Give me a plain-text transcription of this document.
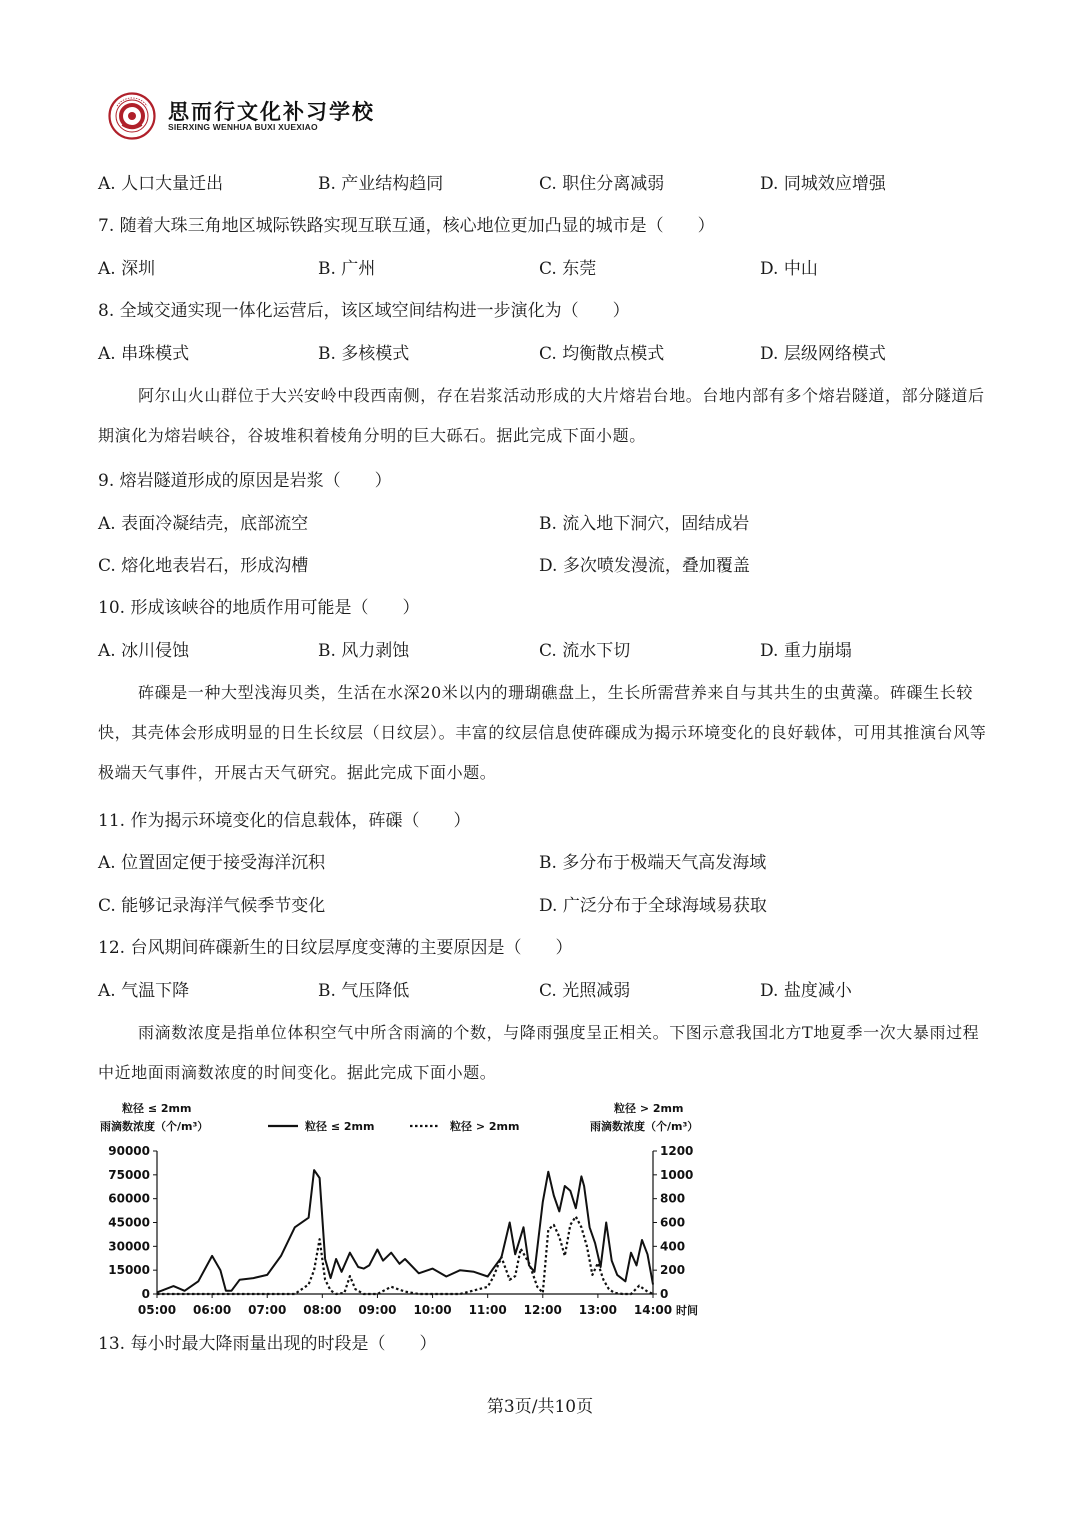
思而行文化补习学校
SIERXING WENHUA BUXI XUEXIAO
A. 人口大量迁出	B. 产业结构趋同	C. 职住分离减弱	D. 同城效应增强
7. 随着大珠三角地区城际铁路实现互联互通，核心地位更加凸显的城市是（　　）
A. 深圳	B. 广州	C. 东莞	D. 中山
8. 全域交通实现一体化运营后，该区域空间结构进一步演化为（　　）
A. 串珠模式	B. 多核模式	C. 均衡散点模式	D. 层级网络模式
阿尔山火山群位于大兴安岭中段西南侧，存在岩浆活动形成的大片熔岩台地。台地内部有多个熔岩隧道，部分隧道后期演化为熔岩峡谷，谷坡堆积着棱角分明的巨大砾石。据此完成下面小题。
9. 熔岩隧道形成的原因是岩浆（　　）
A. 表面冷凝结壳，底部流空	B. 流入地下洞穴，固结成岩
C. 熔化地表岩石，形成沟槽	D. 多次喷发漫流，叠加覆盖
10. 形成该峡谷的地质作用可能是（　　）
A. 冰川侵蚀	B. 风力剥蚀	C. 流水下切	D. 重力崩塌
砗磲是一种大型浅海贝类，生活在水深20米以内的珊瑚礁盘上，生长所需营养来自与其共生的虫黄藻。砗磲生长较快，其壳体会形成明显的日生长纹层（日纹层）。丰富的纹层信息使砗磲成为揭示环境变化的良好载体，可用其推演台风等极端天气事件，开展古天气研究。据此完成下面小题。
11. 作为揭示环境变化的信息载体，砗磲（　　）
A. 位置固定便于接受海洋沉积	B. 多分布于极端天气高发海域
C. 能够记录海洋气候季节变化	D. 广泛分布于全球海域易获取
12. 台风期间砗磲新生的日纹层厚度变薄的主要原因是（　　）
A. 气温下降	B. 气压降低	C. 光照减弱	D. 盐度减小
雨滴数浓度是指单位体积空气中所含雨滴的个数，与降雨强度呈正相关。下图示意我国北方T地夏季一次大暴雨过程中近地面雨滴数浓度的时间变化。据此完成下面小题。
粒径 ≤ 2mm
雨滴数浓度（个/m³）
粒径 > 2mm
雨滴数浓度（个/m³）
粒径 ≤ 2mm	粒径 > 2mm
时间
05:00 06:00 07:00 08:00 09:00 10:00 11:00 12:00 13:00 14:00
0
15000
30000
45000
60000
75000
90000
0
200
400
600
800
1000
1200
13. 每小时最大降雨量出现的时段是（　　）
第3页/共10页
